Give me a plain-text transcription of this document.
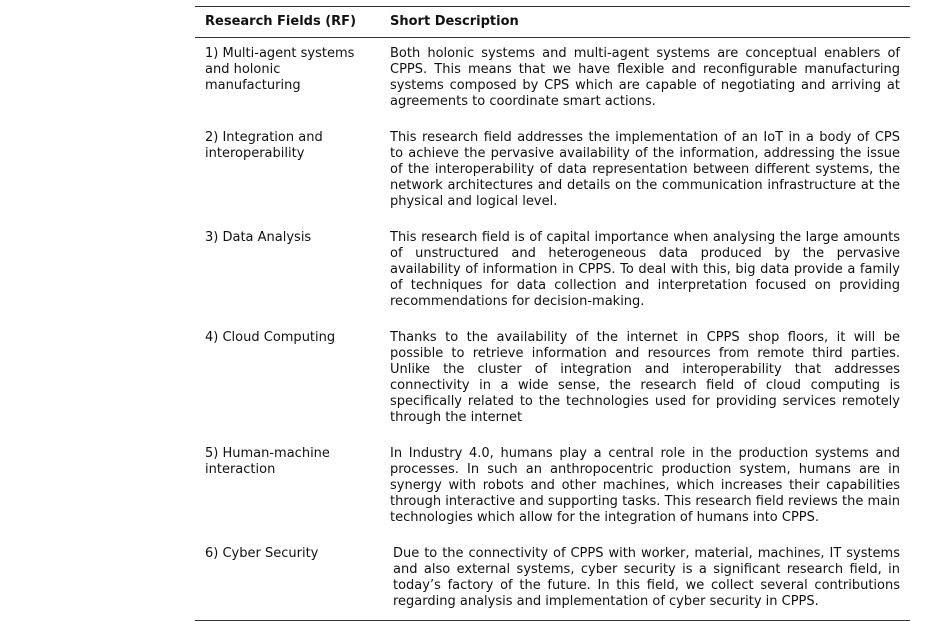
Research Fields (RF)	Short Description
1) Multi-agent systems and holonic manufacturing	Both holonic systems and multi-agent systems are conceptual enablers of CPPS. This means that we have flexible and reconfigurable manufacturing systems composed by CPS which are capable of negotiating and arriving at agreements to coordinate smart actions.
2) Integration and interoperability	This research field addresses the implementation of an IoT in a body of CPS to achieve the pervasive availability of the information, addressing the issue of the interoperability of data representation between different systems, the network architectures and details on the communication infrastructure at the physical and logical level.
3) Data Analysis	This research field is of capital importance when analysing the large amounts of unstructured and heterogeneous data produced by the pervasive availability of information in CPPS. To deal with this, big data provide a family of techniques for data collection and interpretation focused on providing recommendations for decision-making.
4) Cloud Computing	Thanks to the availability of the internet in CPPS shop floors, it will be possible to retrieve information and resources from remote third parties. Unlike the cluster of integration and interoperability that addresses connectivity in a wide sense, the research field of cloud computing is specifically related to the technologies used for providing services remotely through the internet
5) Human-machine interaction	In Industry 4.0, humans play a central role in the production systems and processes. In such an anthropocentric production system, humans are in synergy with robots and other machines, which increases their capabilities through interactive and supporting tasks. This research field reviews the main technologies which allow for the integration of humans into CPPS.
6) Cyber Security	Due to the connectivity of CPPS with worker, material, machines, IT systems and also external systems, cyber security is a significant research field, in today’s factory of the future. In this field, we collect several contributions regarding analysis and implementation of cyber security in CPPS.
